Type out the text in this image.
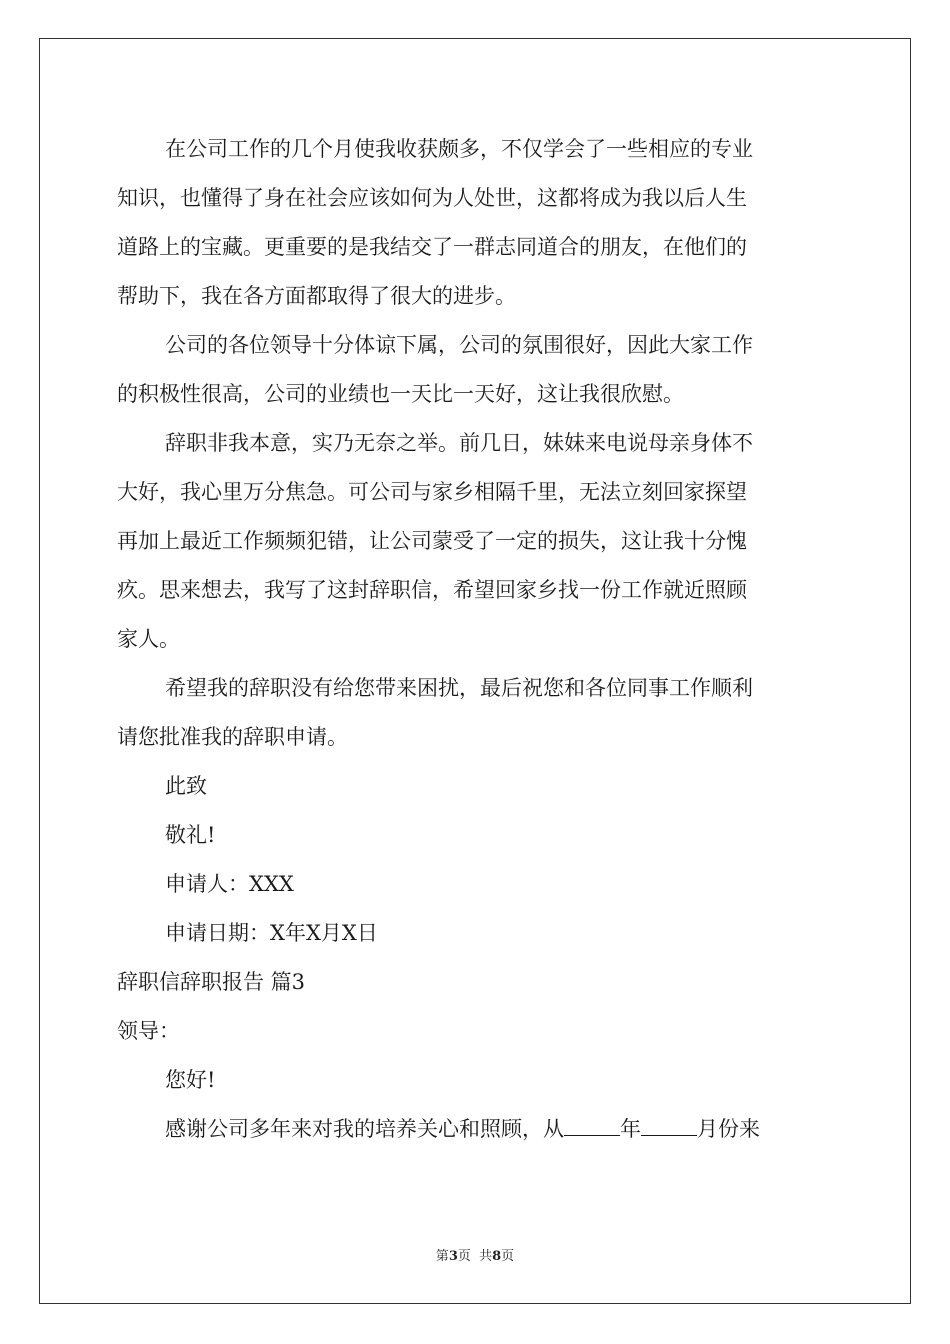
在公司工作的几个月使我收获颇多，不仅学会了一些相应的专业
知识，也懂得了身在社会应该如何为人处世，这都将成为我以后人生
道路上的宝藏。更重要的是我结交了一群志同道合的朋友，在他们的
帮助下，我在各方面都取得了很大的进步。

公司的各位领导十分体谅下属，公司的氛围很好，因此大家工作
的积极性很高，公司的业绩也一天比一天好，这让我很欣慰。

辞职非我本意，实乃无奈之举。前几日，妹妹来电说母亲身体不
大好，我心里万分焦急。可公司与家乡相隔千里，无法立刻回家探望
再加上最近工作频频犯错，让公司蒙受了一定的损失，这让我十分愧
疚。思来想去，我写了这封辞职信，希望回家乡找一份工作就近照顾
家人。

希望我的辞职没有给您带来困扰，最后祝您和各位同事工作顺利
请您批准我的辞职申请。

此致

敬礼!

申请人：XXX

申请日期：X年X月X日

辞职信辞职报告 篇3

领导：

您好!

感谢公司多年来对我的培养关心和照顾，从	年	月份来

第3页  共8页
